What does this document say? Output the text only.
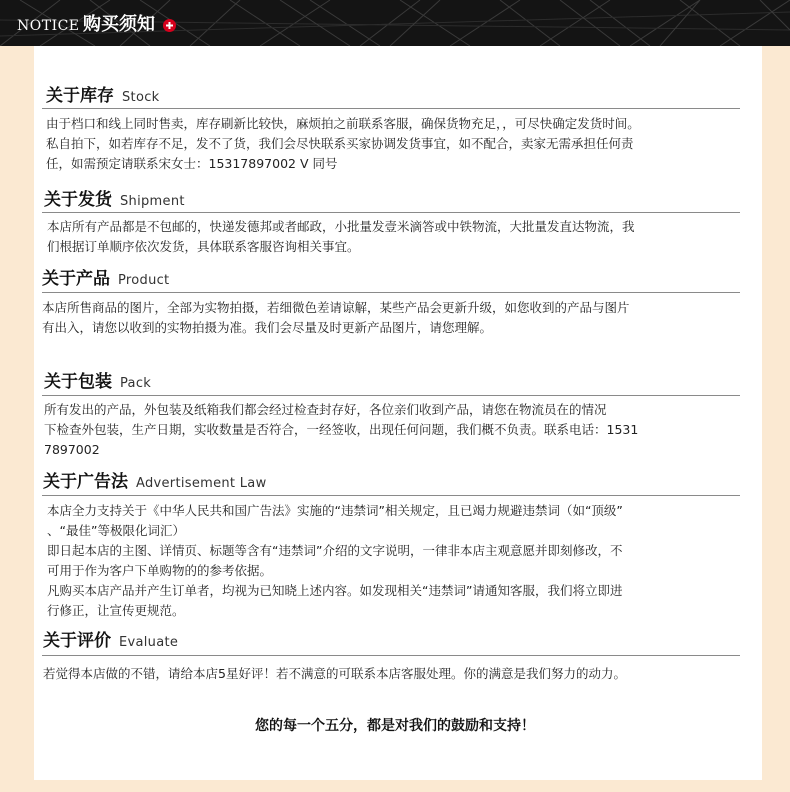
NOTICE 购买须知
关于库存 Stock
由于档口和线上同时售卖，库存刷新比较快，麻烦拍之前联系客服，确保货物充足，，可尽快确定发货时间。
私自拍下，如若库存不足，发不了货，我们会尽快联系买家协调发货事宜，如不配合，卖家无需承担任何责
任，如需预定请联系宋女士：15317897002 V 同号
关于发货 Shipment
本店所有产品都是不包邮的，快递发德邦或者邮政，小批量发壹米滴答或中铁物流，大批量发直达物流，我
们根据订单顺序依次发货，具体联系客服咨询相关事宜。
关于产品 Product
本店所售商品的图片，全部为实物拍摄，若细微色差请谅解，某些产品会更新升级，如您收到的产品与图片
有出入，请您以收到的实物拍摄为准。我们会尽量及时更新产品图片，请您理解。
关于包装 Pack
所有发出的产品，外包装及纸箱我们都会经过检查封存好，各位亲们收到产品，请您在物流员在的情况
下检查外包装，生产日期，实收数量是否符合，一经签收，出现任何问题，我们概不负责。联系电话：1531
7897002
关于广告法 Advertisement Law
本店全力支持关于《中华人民共和国广告法》实施的“违禁词”相关规定，且已竭力规避违禁词（如“顶级”
、“最佳”等极限化词汇）
即日起本店的主图、详情页、标题等含有“违禁词”介绍的文字说明，一律非本店主观意愿并即刻修改，不
可用于作为客户下单购物的的参考依据。
凡购买本店产品并产生订单者，均视为已知晓上述内容。如发现相关“违禁词”请通知客服，我们将立即进
行修正，让宣传更规范。
关于评价 Evaluate
若觉得本店做的不错，请给本店5星好评！若不满意的可联系本店客服处理。你的满意是我们努力的动力。
您的每一个五分，都是对我们的鼓励和支持！
